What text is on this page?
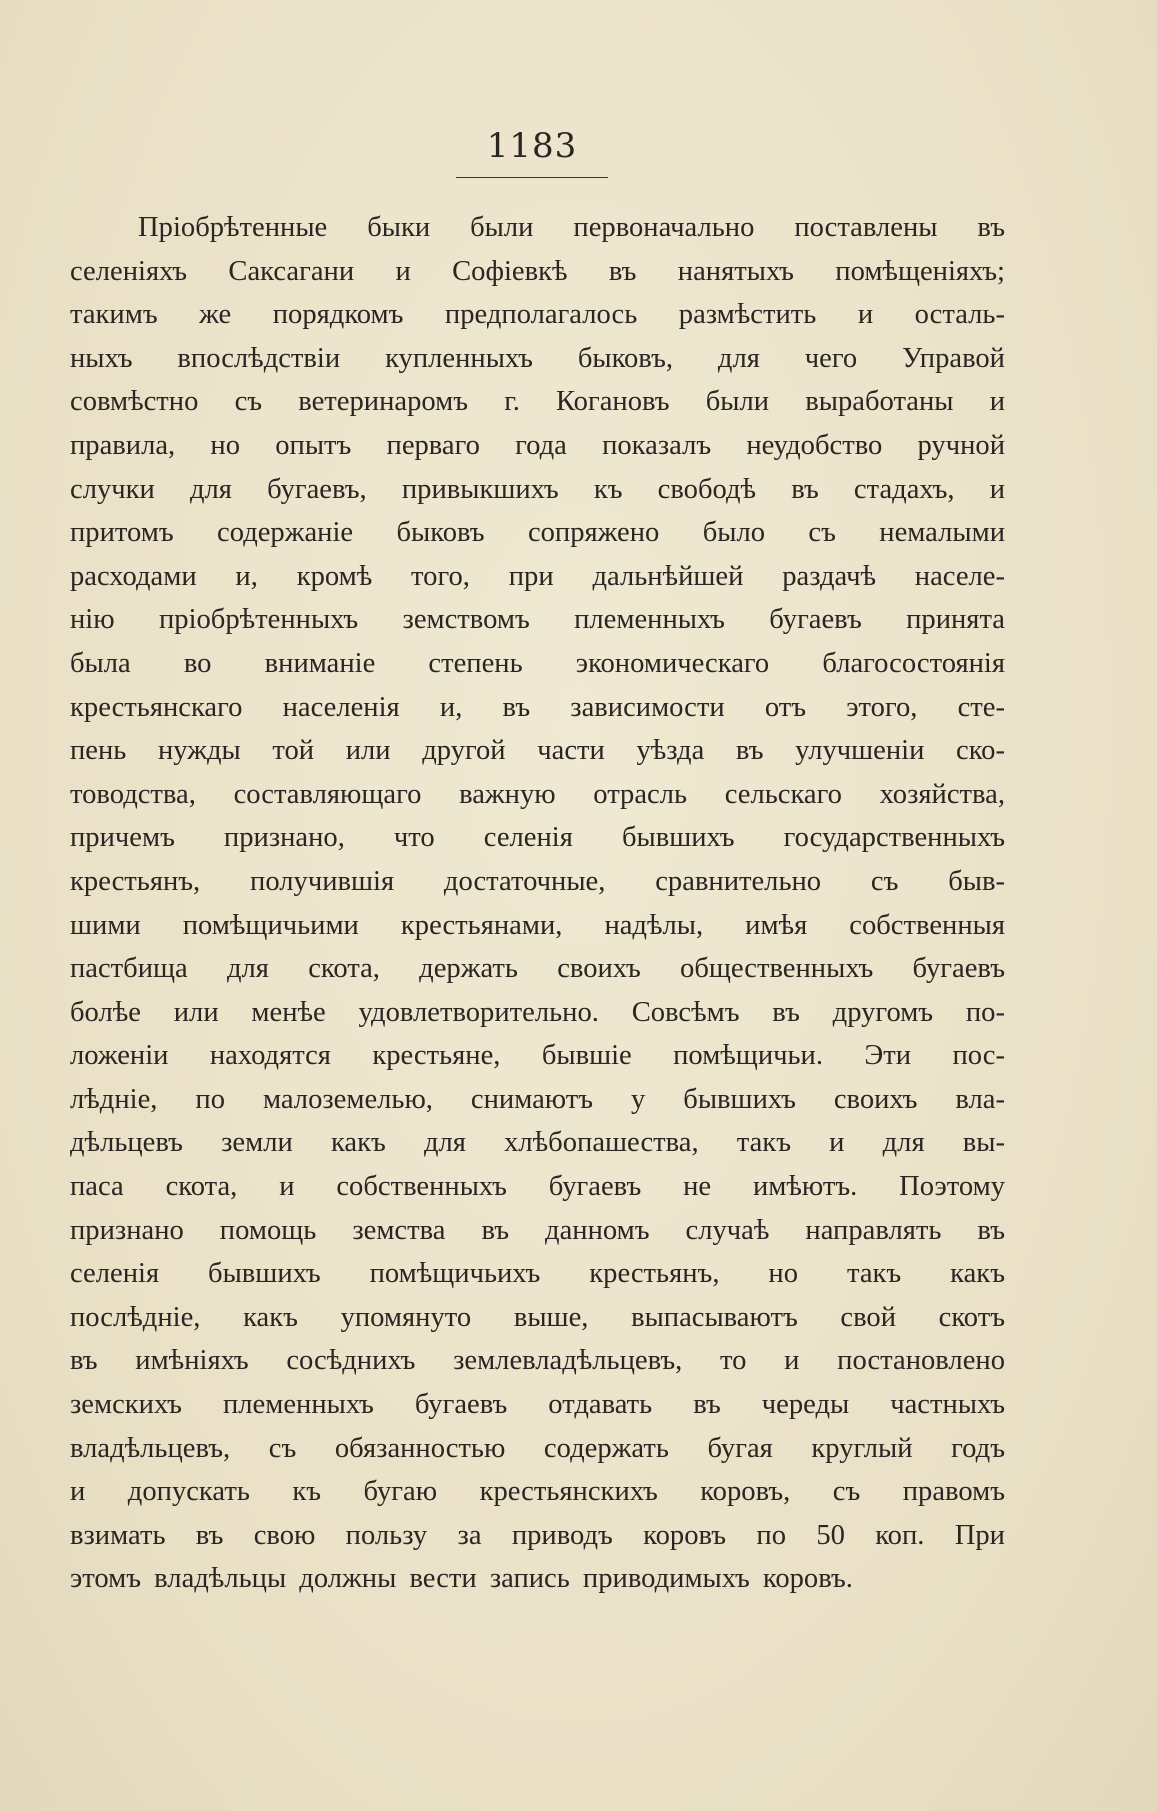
1183
Пріобрѣтенные быки были первоначально поставлены въ
селеніяхъ Саксагани и Софіевкѣ въ нанятыхъ помѣщеніяхъ;
такимъ же порядкомъ предполагалось размѣстить и осталь-
ныхъ впослѣдствіи купленныхъ быковъ, для чего Управой
совмѣстно съ ветеринаромъ г. Когановъ были выработаны и
правила, но опытъ перваго года показалъ неудобство ручной
случки для бугаевъ, привыкшихъ къ свободѣ въ стадахъ, и
притомъ содержаніе быковъ сопряжено было съ немалыми
расходами и, кромѣ того, при дальнѣйшей раздачѣ населе-
нію пріобрѣтенныхъ земствомъ племенныхъ бугаевъ принята
была во вниманіе степень экономическаго благосостоянія
крестьянскаго населенія и, въ зависимости отъ этого, сте-
пень нужды той или другой части уѣзда въ улучшеніи ско-
товодства, составляющаго важную отрасль сельскаго хозяйства,
причемъ признано, что селенія бывшихъ государственныхъ
крестьянъ, получившія достаточные, сравнительно съ быв-
шими помѣщичьими крестьянами, надѣлы, имѣя собственныя
пастбища для скота, держать своихъ общественныхъ бугаевъ
болѣе или менѣе удовлетворительно. Совсѣмъ въ другомъ по-
ложеніи находятся крестьяне, бывшіе помѣщичьи. Эти пос-
лѣдніе, по малоземелью, снимаютъ у бывшихъ своихъ вла-
дѣльцевъ земли какъ для хлѣбопашества, такъ и для вы-
паса скота, и собственныхъ бугаевъ не имѣютъ. Поэтому
признано помощь земства въ данномъ случаѣ направлять въ
селенія бывшихъ помѣщичьихъ крестьянъ, но такъ какъ
послѣдніе, какъ упомянуто выше, выпасываютъ свой скотъ
въ имѣніяхъ сосѣднихъ землевладѣльцевъ, то и постановлено
земскихъ племенныхъ бугаевъ отдавать въ череды частныхъ
владѣльцевъ, съ обязанностью содержать бугая круглый годъ
и допускать къ бугаю крестьянскихъ коровъ, съ правомъ
взимать въ свою пользу за приводъ коровъ по 50 коп. При
этомъ владѣльцы должны вести запись приводимыхъ коровъ.
